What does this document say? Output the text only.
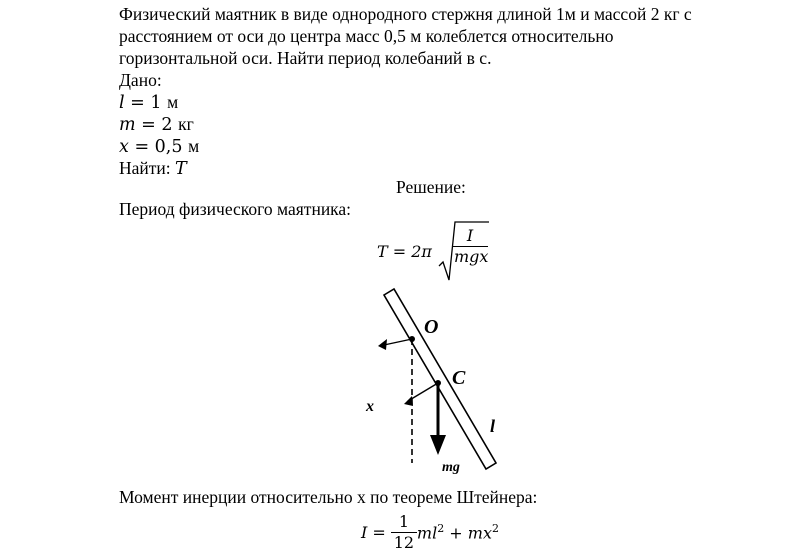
Физический маятник в виде однородного стержня длиной 1м и массой 2 кг с
расстоянием от оси до центра масс 0,5 м колеблется относительно
горизонтальной оси. Найти период колебаний в с.
Дано:
l = 1 м
m = 2 кг
x = 0,5 м
Найти: T
Решение:
Период физического маятника:
$T = 2\pi \frac{I}{\text{mgx}}$
O
C
x
l
mg
Момент инерции относительно x по теореме Штейнера:
$I = \frac{1}{12} ml^2 + mx^2$
